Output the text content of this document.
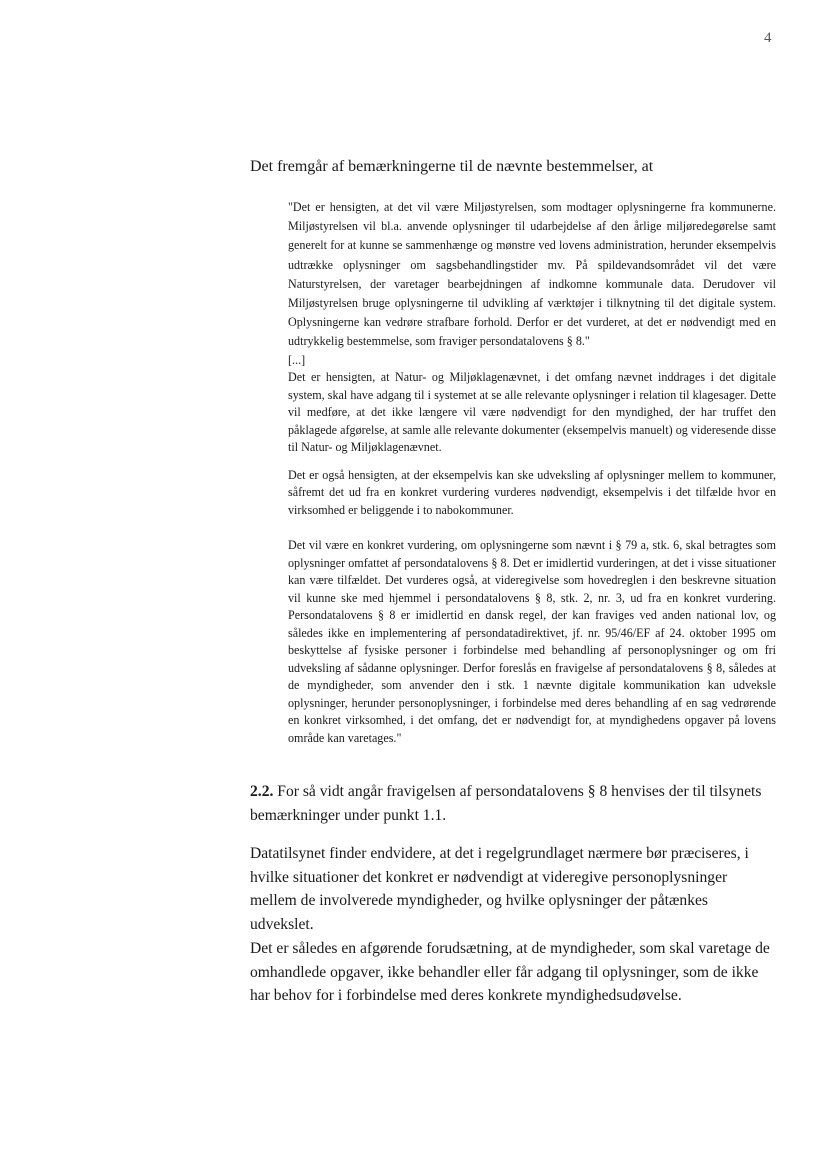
4

Det fremgår af bemærkningerne til de nævnte bestemmelser, at

"Det er hensigten, at det vil være Miljøstyrelsen, som modtager oplysningerne fra kommunerne. Miljøstyrelsen vil bl.a. anvende oplysninger til udarbejdelse af den årlige miljøredegørelse samt generelt for at kunne se sammenhænge og mønstre ved lovens administration, herunder eksempelvis udtrække oplysninger om sagsbehandlingstider mv. På spildevandsområdet vil det være Naturstyrelsen, der varetager bearbejdningen af indkomne kommunale data. Derudover vil Miljøstyrelsen bruge oplysningerne til udvikling af værktøjer i tilknytning til det digitale system. Oplysningerne kan vedrøre strafbare forhold. Derfor er det vurderet, at det er nødvendigt med en udtrykkelig bestemmelse, som fraviger persondatalovens § 8."

[...]

Det er hensigten, at Natur- og Miljøklagenævnet, i det omfang nævnet inddrages i det digitale system, skal have adgang til i systemet at se alle relevante oplysninger i relation til klagesager. Dette vil medføre, at det ikke længere vil være nødvendigt for den myndighed, der har truffet den påklagede afgørelse, at samle alle relevante dokumenter (eksempelvis manuelt) og videresende disse til Natur- og Miljøklagenævnet.

Det er også hensigten, at der eksempelvis kan ske udveksling af oplysninger mellem to kommuner, såfremt det ud fra en konkret vurdering vurderes nødvendigt, eksempelvis i det tilfælde hvor en virksomhed er beliggende i to nabokommuner.

Det vil være en konkret vurdering, om oplysningerne som nævnt i § 79 a, stk. 6, skal betragtes som oplysninger omfattet af persondatalovens § 8. Det er imidlertid vurderingen, at det i visse situationer kan være tilfældet. Det vurderes også, at videregivelse som hovedreglen i den beskrevne situation vil kunne ske med hjemmel i persondatalovens § 8, stk. 2, nr. 3, ud fra en konkret vurdering. Persondatalovens § 8 er imidlertid en dansk regel, der kan fraviges ved anden national lov, og således ikke en implementering af persondatadirektivet, jf. nr. 95/46/EF af 24. oktober 1995 om beskyttelse af fysiske personer i forbindelse med behandling af personoplysninger og om fri udveksling af sådanne oplysninger. Derfor foreslås en fravigelse af persondatalovens § 8, således at de myndigheder, som anvender den i stk. 1 nævnte digitale kommunikation kan udveksle oplysninger, herunder personoplysninger, i forbindelse med deres behandling af en sag vedrørende en konkret virksomhed, i det omfang, det er nødvendigt for, at myndighedens opgaver på lovens område kan varetages."

2.2. For så vidt angår fravigelsen af persondatalovens § 8 henvises der til tilsynets bemærkninger under punkt 1.1.

Datatilsynet finder endvidere, at det i regelgrundlaget nærmere bør præciseres, i hvilke situationer det konkret er nødvendigt at videregive personoplysninger mellem de involverede myndigheder, og hvilke oplysninger der påtænkes udvekslet.

Det er således en afgørende forudsætning, at de myndigheder, som skal varetage de omhandlede opgaver, ikke behandler eller får adgang til oplysninger, som de ikke har behov for i forbindelse med deres konkrete myndighedsudøvelse.
